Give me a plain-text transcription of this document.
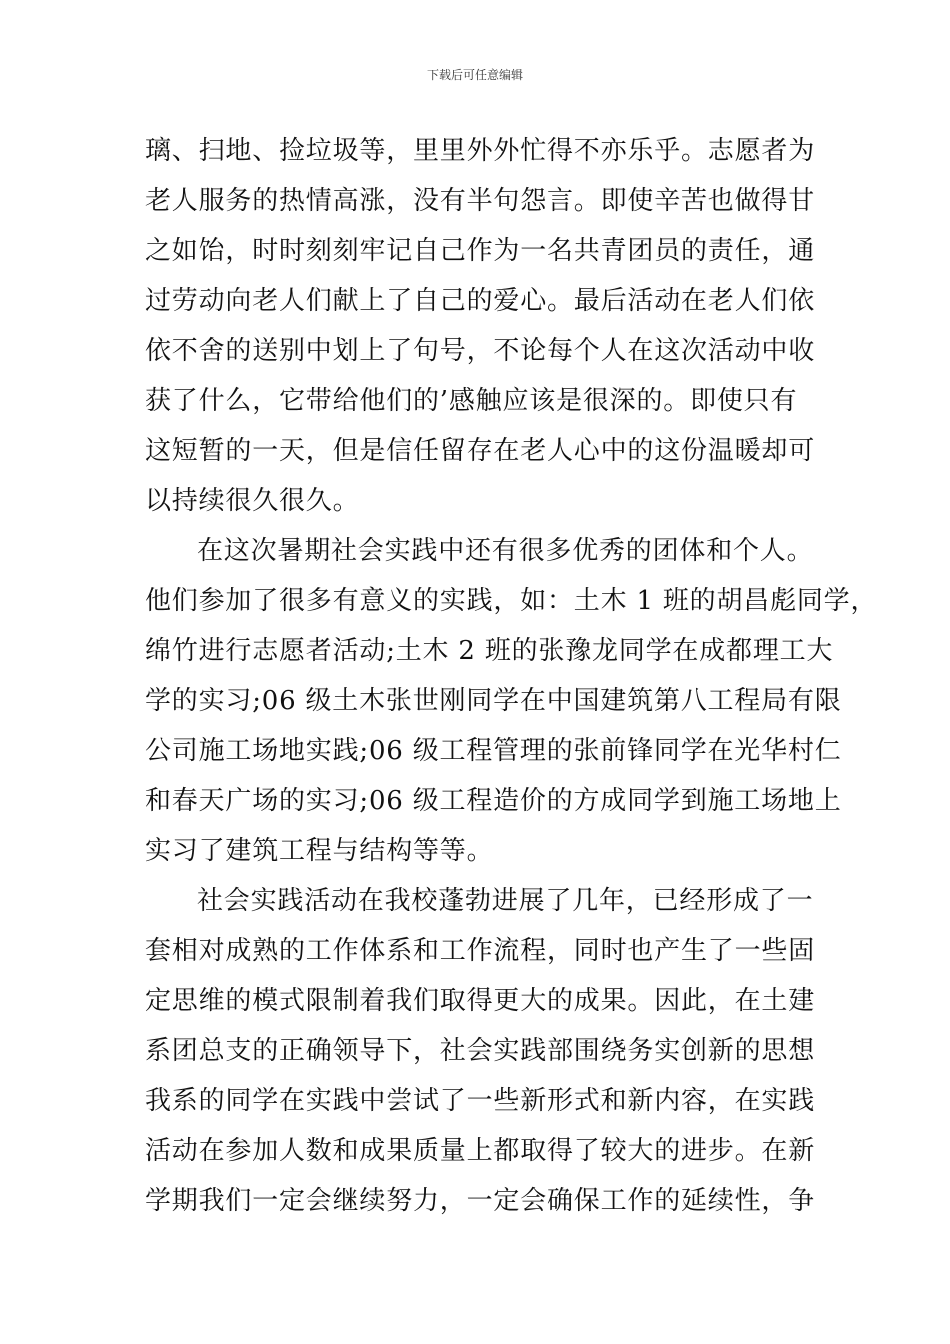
下载后可任意编辑
璃、扫地、捡垃圾等，里里外外忙得不亦乐乎。志愿者为
老人服务的热情高涨，没有半句怨言。即使辛苦也做得甘
之如饴，时时刻刻牢记自己作为一名共青团员的责任，通
过劳动向老人们献上了自己的爱心。最后活动在老人们依
依不舍的送别中划上了句号，不论每个人在这次活动中收
获了什么，它带给他们的’感触应该是很深的。即使只有
这短暂的一天，但是信任留存在老人心中的这份温暖却可
以持续很久很久。
在这次暑期社会实践中还有很多优秀的团体和个人。
他们参加了很多有意义的实践，如：土木 1 班的胡昌彪同学，
绵竹进行志愿者活动;土木 2 班的张豫龙同学在成都理工大
学的实习;06 级土木张世刚同学在中国建筑第八工程局有限
公司施工场地实践;06 级工程管理的张前锋同学在光华村仁
和春天广场的实习;06 级工程造价的方成同学到施工场地上
实习了建筑工程与结构等等。
社会实践活动在我校蓬勃进展了几年，已经形成了一
套相对成熟的工作体系和工作流程，同时也产生了一些固
定思维的模式限制着我们取得更大的成果。因此，在土建
系团总支的正确领导下，社会实践部围绕务实创新的思想
我系的同学在实践中尝试了一些新形式和新内容，在实践
活动在参加人数和成果质量上都取得了较大的进步。在新
学期我们一定会继续努力，一定会确保工作的延续性，争
